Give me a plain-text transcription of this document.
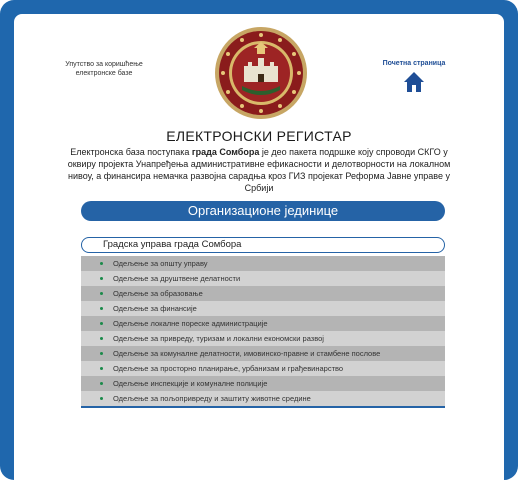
Упутство за коришћење електронске базе
Почетна страница
ЕЛЕКТРОНСКИ РЕГИСТАР

Електронска база поступака града Сомбора је део пакета подршке коју спроводи СКГО у оквиру пројекта Унапређења административне ефикасности и делотворности на локалном нивоу, а финансира немачка развојна сарадња кроз ГИЗ пројекат Реформа Јавне управе у Србији

Организационе јединице
Градска управа града Сомбора
Одељење за општу управу
Одељење за друштвене делатности
Одељење за образовање
Одељење за финансије
Одељење локалне пореске администрације
Одељење за привреду, туризам и локални економски развој
Одељење за комуналне делатности, имовинско-правне и стамбене послове
Одељење за просторно планирање, урбанизам и грађевинарство
Одељење инспекције и комуналне полиције
Одељење за пољопривреду и заштиту животне средине
